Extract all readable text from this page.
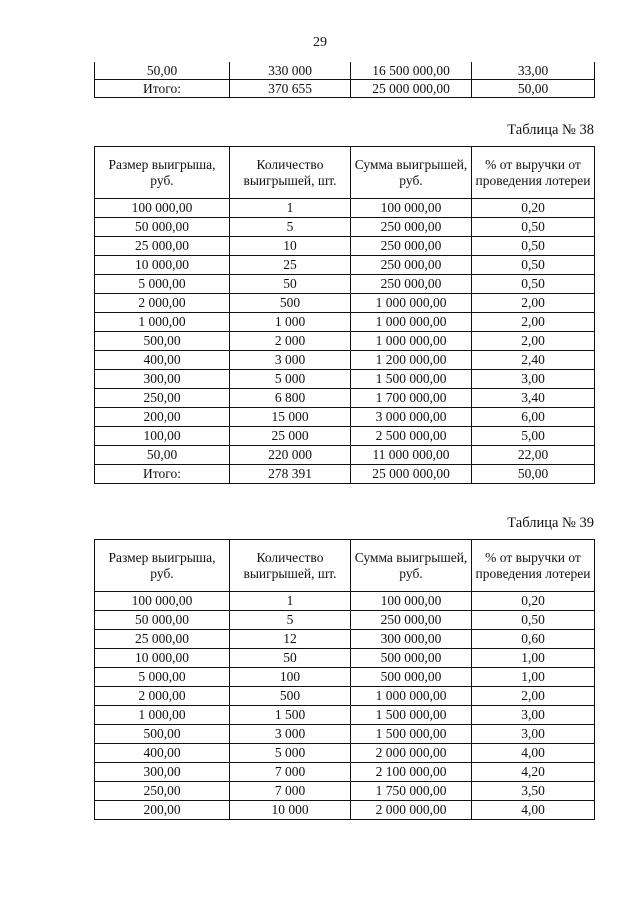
29
50,00	330 000	16 500 000,00	33,00
Итого:	370 655	25 000 000,00	50,00
Таблица № 38
Размер выигрыша, руб.	Количество выигрышей, шт.	Сумма выигрышей, руб.	% от выручки от проведения лотереи
100 000,00	1	100 000,00	0,20
50 000,00	5	250 000,00	0,50
25 000,00	10	250 000,00	0,50
10 000,00	25	250 000,00	0,50
5 000,00	50	250 000,00	0,50
2 000,00	500	1 000 000,00	2,00
1 000,00	1 000	1 000 000,00	2,00
500,00	2 000	1 000 000,00	2,00
400,00	3 000	1 200 000,00	2,40
300,00	5 000	1 500 000,00	3,00
250,00	6 800	1 700 000,00	3,40
200,00	15 000	3 000 000,00	6,00
100,00	25 000	2 500 000,00	5,00
50,00	220 000	11 000 000,00	22,00
Итого:	278 391	25 000 000,00	50,00
Таблица № 39
Размер выигрыша, руб.	Количество выигрышей, шт.	Сумма выигрышей, руб.	% от выручки от проведения лотереи
100 000,00	1	100 000,00	0,20
50 000,00	5	250 000,00	0,50
25 000,00	12	300 000,00	0,60
10 000,00	50	500 000,00	1,00
5 000,00	100	500 000,00	1,00
2 000,00	500	1 000 000,00	2,00
1 000,00	1 500	1 500 000,00	3,00
500,00	3 000	1 500 000,00	3,00
400,00	5 000	2 000 000,00	4,00
300,00	7 000	2 100 000,00	4,20
250,00	7 000	1 750 000,00	3,50
200,00	10 000	2 000 000,00	4,00
